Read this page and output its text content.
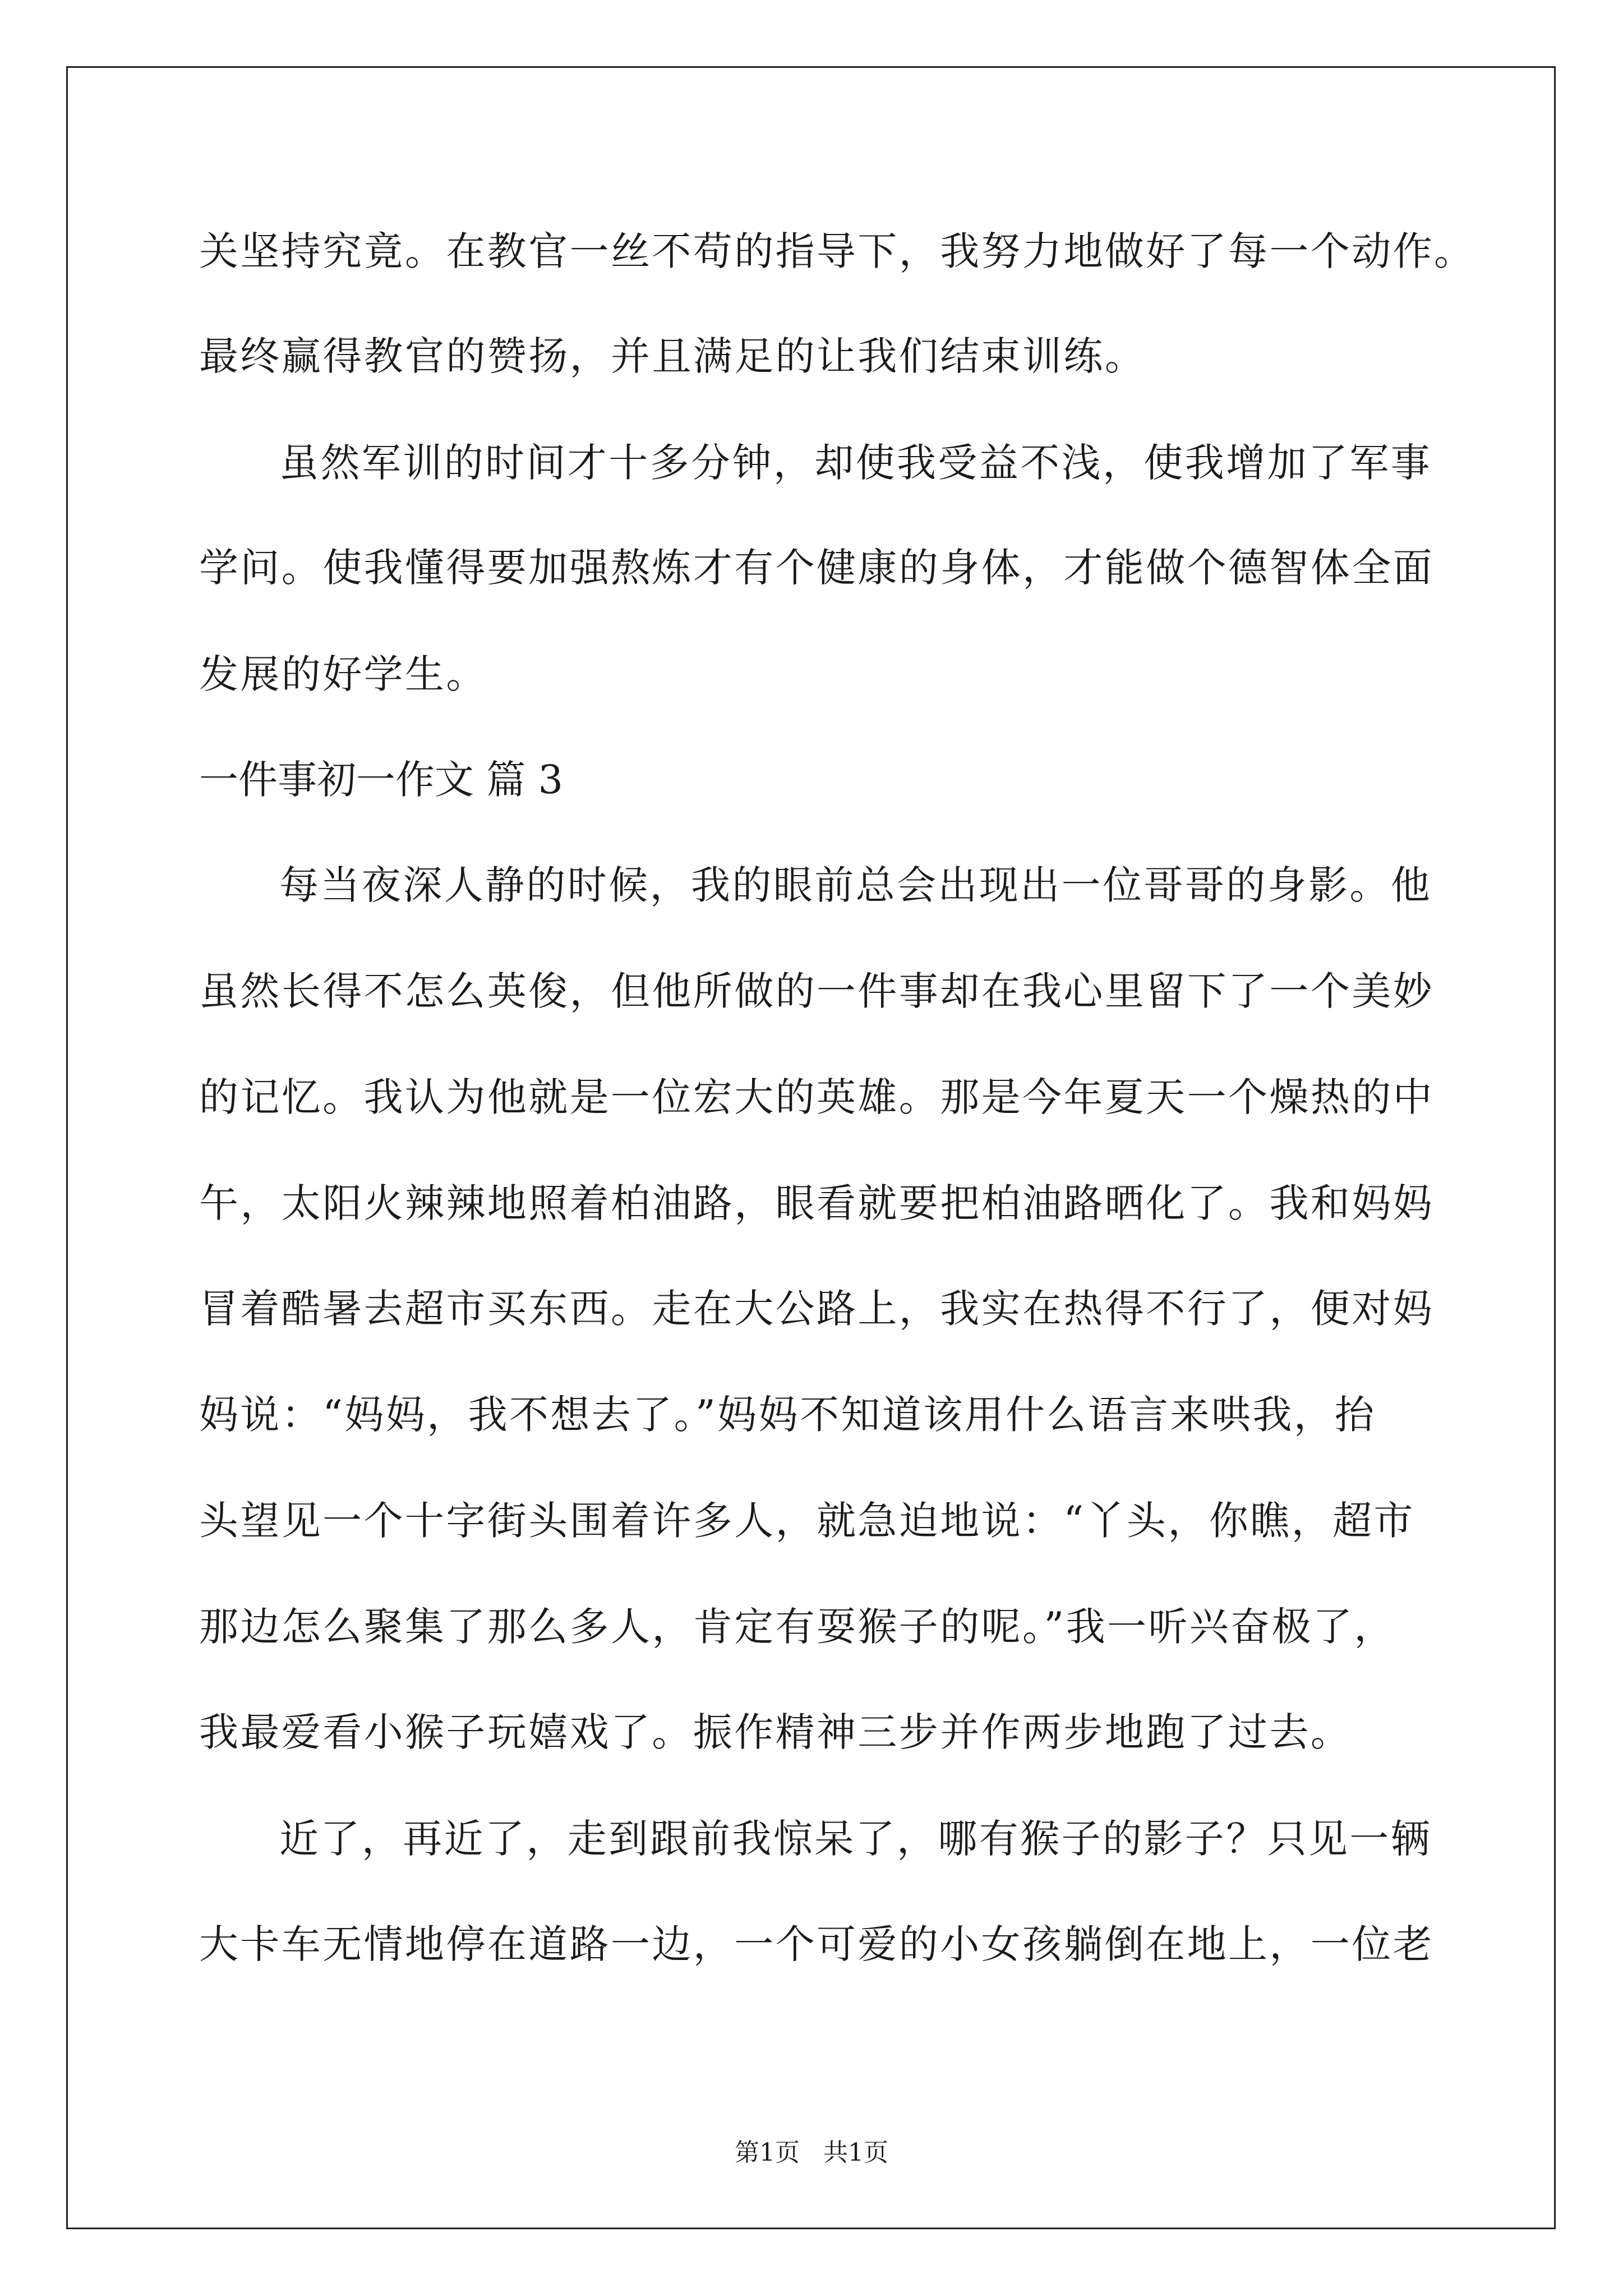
关坚持究竟。在教官一丝不苟的指导下，我努力地做好了每一个动作。
最终赢得教官的赞扬，并且满足的让我们结束训练。
虽然军训的时间才十多分钟，却使我受益不浅，使我增加了军事
学问。使我懂得要加强熬炼才有个健康的身体，才能做个德智体全面
发展的好学生。
一件事初一作文 篇 3
每当夜深人静的时候，我的眼前总会出现出一位哥哥的身影。他
虽然长得不怎么英俊，但他所做的一件事却在我心里留下了一个美妙
的记忆。我认为他就是一位宏大的英雄。那是今年夏天一个燥热的中
午，太阳火辣辣地照着柏油路，眼看就要把柏油路晒化了。我和妈妈
冒着酷暑去超市买东西。走在大公路上，我实在热得不行了，便对妈
妈说：“妈妈，我不想去了。”妈妈不知道该用什么语言来哄我，抬
头望见一个十字街头围着许多人，就急迫地说：“丫头，你瞧，超市
那边怎么聚集了那么多人，肯定有耍猴子的呢。”我一听兴奋极了，
我最爱看小猴子玩嬉戏了。振作精神三步并作两步地跑了过去。
近了，再近了，走到跟前我惊呆了，哪有猴子的影子？只见一辆
大卡车无情地停在道路一边，一个可爱的小女孩躺倒在地上，一位老
第1页   共1页
